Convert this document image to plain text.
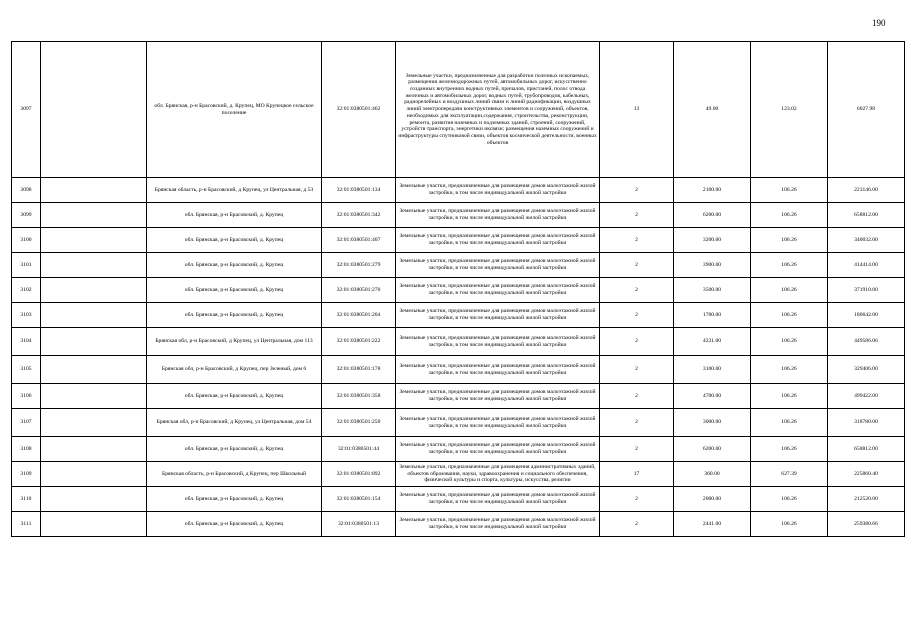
190
3097		обл. Брянская, р-н Брасовский, д. Крупец, МО Крупецкое сельское поселение	32:01:0380501:462	Земельные участки, предназначенные для разработки полезных ископаемых, размещения железнодорожных путей, автомобильных дорог, искусственно созданных внутренних водных путей, причалов, пристаней, полос отвода железных и автомобильных дорог, водных путей, трубопроводов, кабельных, радиорелейных и воздушных линий связи и линий радиофикации, воздушных линий электропередачи конструктивных элементов и сооружений, объектов, необходимых для эксплуатации,содержания, строительства, реконструкции, ремонта, развития наземных и подземных зданий, строений, сооружений, устройств транспорта, энергетики иксвязи; размещения наземных сооружений и инфраструктуры спутниковой связи, объектов космической деятельности, военных объектов	13	49.00	123.02	6027.98
3098		Брянская область, р-н Брасовский, д Крупец, ул Центральная, д 53	32:01:0380501:134	Земельные участки, предназначенные для размещения домов малоэтажной жилой застройки, в том числе индивидуальной жилой застройки	2	2100.00	106.26	223146.00
3099		обл. Брянская, р-н Брасовский, д. Крупец	32:01:0380501:342	Земельные участки, предназначенные для размещения домов малоэтажной жилой застройки, в том числе индивидуальной жилой застройки	2	6200.00	106.26	658812.00
3100		обл. Брянская, р-н Брасовский, д. Крупец	32:01:0380501:407	Земельные участки, предназначенные для размещения домов малоэтажной жилой застройки, в том числе индивидуальной жилой застройки	2	3200.00	106.26	340032.00
3101		обл. Брянская, р-н Брасовский, д. Крупец	32:01:0380501:279	Земельные участки, предназначенные для размещения домов малоэтажной жилой застройки, в том числе индивидуальной жилой застройки	2	3900.00	106.26	414414.00
3102		обл. Брянская, р-н Брасовский, д. Крупец	32:01:0380501:270	Земельные участки, предназначенные для размещения домов малоэтажной жилой застройки, в том числе индивидуальной жилой застройки	2	3500.00	106.26	371910.00
3103		обл. Брянская, р-н Брасовский, д. Крупец	32:01:0380501:204	Земельные участки, предназначенные для размещения домов малоэтажной жилой застройки, в том числе индивидуальной жилой застройки	2	1700.00	106.26	180642.00
3104		Брянская обл, р-н Брасовский, д Крупец, ул Центральная, дом 113	32:01:0380501:222	Земельные участки, предназначенные для размещения домов малоэтажной жилой застройки, в том числе индивидуальной жилой застройки	2	4231.00	106.26	449586.06
3105		Брянская обл, р-н Брасовский, д Крупец, пер Зеленый, дом 6	32:01:0380501:178	Земельные участки, предназначенные для размещения домов малоэтажной жилой застройки, в том числе индивидуальной жилой застройки	2	3100.00	106.26	329406.00
3106		обл. Брянская, р-н Брасовский, д. Крупец	32:01:0380501:358	Земельные участки, предназначенные для размещения домов малоэтажной жилой застройки, в том числе индивидуальной жилой застройки	2	4700.00	106.26	499422.00
3107		Брянская обл, р-н Брасовский, д Крупец, ул Центральная, дом 54	32:01:0380501:250	Земельные участки, предназначенные для размещения домов малоэтажной жилой застройки, в том числе индивидуальной жилой застройки	2	3000.00	106.26	318780.00
3108		обл. Брянская, р-н Брасовский, д. Крупец	32:01:0380501:44	Земельные участки, предназначенные для размещения домов малоэтажной жилой застройки, в том числе индивидуальной жилой застройки	2	6200.00	106.26	658812.00
3109		Брянская область, р-н Брасовский, д Крупец, пер Школьный	32:01:0380501:892	Земельные участки, предназначенные для размещения административных зданий, объектов образования, науки, здравоохранения и социального обеспечения, физической культуры и спорта, культуры, искусства, религии	17	360.00	627.39	225860.40
3110		обл. Брянская, р-н Брасовский, д. Крупец	32:01:0380501:154	Земельные участки, предназначенные для размещения домов малоэтажной жилой застройки, в том числе индивидуальной жилой застройки	2	2000.00	106.26	212520.00
3111		обл. Брянская, р-н Брасовский, д. Крупец	32:01:0380501:13	Земельные участки, предназначенные для размещения домов малоэтажной жилой застройки, в том числе индивидуальной жилой застройки	2	2441.00	106.26	259380.66
